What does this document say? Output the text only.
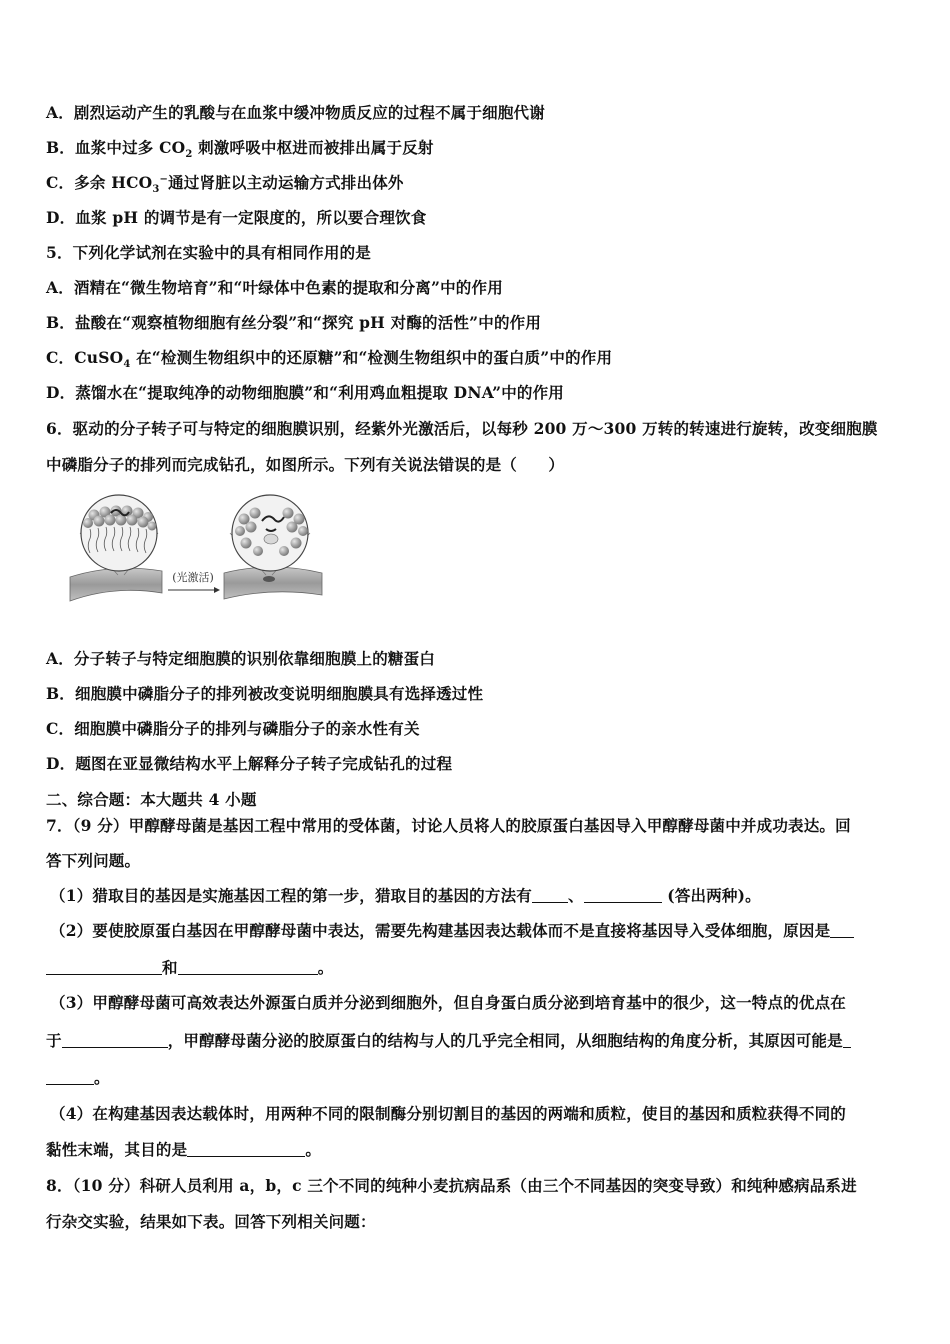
A．剧烈运动产生的乳酸与在血浆中缓冲物质反应的过程不属于细胞代谢
B．血浆中过多 $CO_2$ 刺激呼吸中枢进而被排出属于反射
C．多余 $HCO_3^-$通过肾脏以主动运输方式排出体外
D．血浆 pH 的调节是有一定限度的，所以要合理饮食
5．下列化学试剂在实验中的具有相同作用的是
A．酒精在“微生物培育”和“叶绿体中色素的提取和分离”中的作用
B．盐酸在“观察植物细胞有丝分裂”和“探究 pH 对酶的活性”中的作用
C．CuSO$_4$ 在“检测生物组织中的还原糖”和“检测生物组织中的蛋白质”中的作用
D．蒸馏水在“提取纯净的动物细胞膜”和“利用鸡血粗提取 DNA”中的作用
6．驱动的分子转子可与特定的细胞膜识别，经紫外光激活后，以每秒 200 万～300 万转的转速进行旋转，改变细胞膜
中磷脂分子的排列而完成钻孔，如图所示。下列有关说法错误的是（　　）
(光激活)
A．分子转子与特定细胞膜的识别依靠细胞膜上的糖蛋白
B．细胞膜中磷脂分子的排列被改变说明细胞膜具有选择透过性
C．细胞膜中磷脂分子的排列与磷脂分子的亲水性有关
D．题图在亚显微结构水平上解释分子转子完成钻孔的过程
二、综合题：本大题共 4 小题
7．（9 分）甲醇酵母菌是基因工程中常用的受体菌，讨论人员将人的胶原蛋白基因导入甲醇酵母菌中并成功表达。回
答下列问题。
（1）猎取目的基因是实施基因工程的第一步，猎取目的基因的方法有 、	(答出两种)。
（2）要使胶原蛋白基因在甲醇酵母菌中表达，需要先构建基因表达载体而不是直接将基因导入受体细胞，原因是
和	。
（3）甲醇酵母菌可高效表达外源蛋白质并分泌到细胞外，但自身蛋白质分泌到培育基中的很少，这一特点的优点在
于	，甲醇酵母菌分泌的胶原蛋白的结构与人的几乎完全相同，从细胞结构的角度分析，其原因可能是
。
（4）在构建基因表达载体时，用两种不同的限制酶分别切割目的基因的两端和质粒，使目的基因和质粒获得不同的
黏性末端，其目的是	。
8．（10 分）科研人员利用 a，b，c 三个不同的纯种小麦抗病品系（由三个不同基因的突变导致）和纯种感病品系进
行杂交实验，结果如下表。回答下列相关问题：
